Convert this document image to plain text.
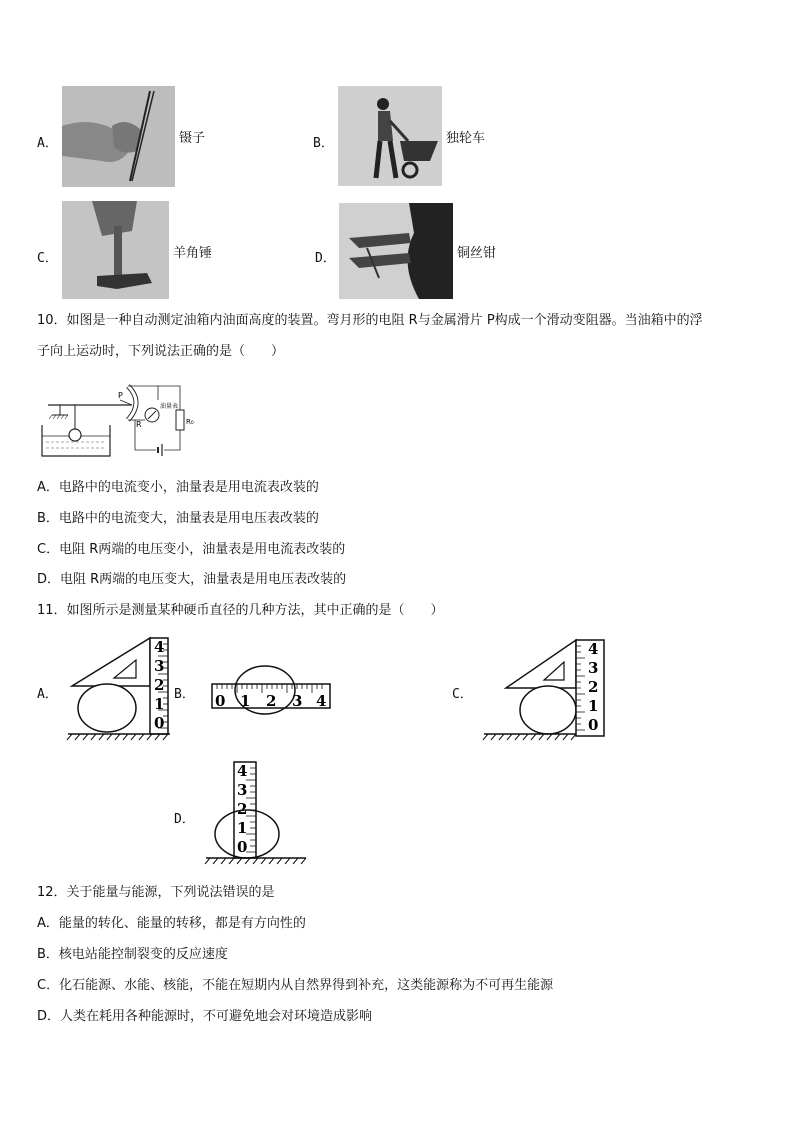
A．	镊子	B．	独轮车
C．	羊角锤	D．	铜丝钳
10．如图是一种自动测定油箱内油面高度的装置。弯月形的电阻 R与金属滑片 P构成一个滑动变阻器。当油箱中的浮
子向上运动时，下列说法正确的是（　　）
P
R
油量表
R₀
A．电路中的电流变小，油量表是用电流表改装的
B．电路中的电流变大，油量表是用电压表改装的
C．电阻 R两端的电压变小，油量表是用电流表改装的
D．电阻 R两端的电压变大，油量表是用电压表改装的
11．如图所示是测量某种硬币直径的几种方法，其中正确的是（　　）
A．
4
3
2
1
0
B． 0 1 2 3 4	C．
4
3
2
1
0
D．
4
3
2
1
0
12．关于能量与能源，下列说法错误的是
A．能量的转化、能量的转移，都是有方向性的
B．核电站能控制裂变的反应速度
C．化石能源、水能、核能，不能在短期内从自然界得到补充，这类能源称为不可再生能源
D．人类在耗用各种能源时，不可避免地会对环境造成影响
